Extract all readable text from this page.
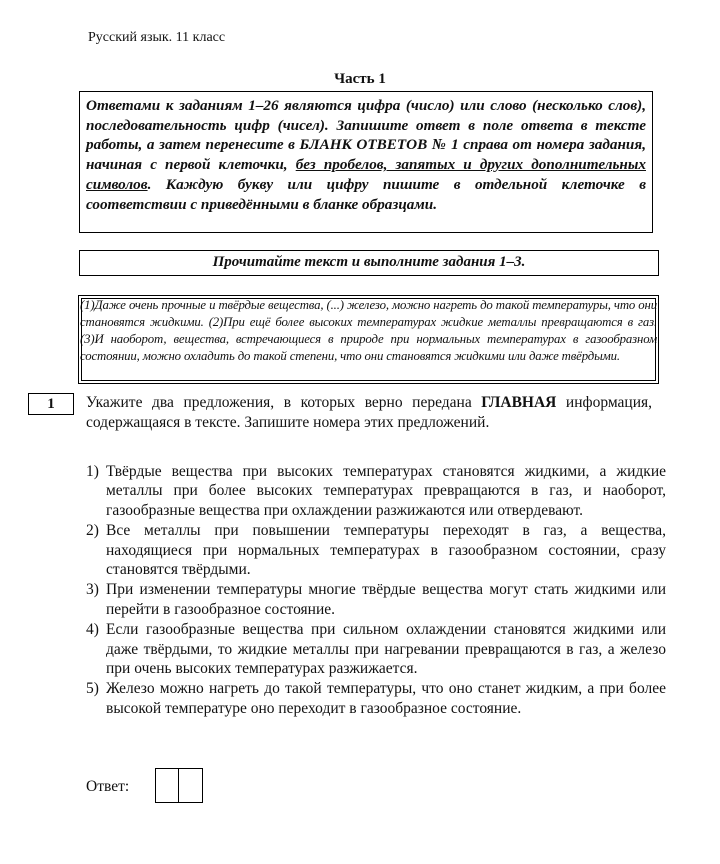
Русский язык. 11 класс
Часть 1
Ответами к заданиям 1–26 являются цифра (число) или слово (несколько слов), последовательность цифр (чисел). Запишите ответ в поле ответа в тексте работы, а затем перенесите в БЛАНК ОТВЕТОВ № 1 справа от номера задания, начиная с первой клеточки, без пробелов, запятых и других дополнительных символов. Каждую букву или цифру пишите в отдельной клеточке в соответствии с приведёнными в бланке образцами.
Прочитайте текст и выполните задания 1–3.
(1)Даже очень прочные и твёрдые вещества, (...) железо, можно нагреть до такой температуры, что они становятся жидкими. (2)При ещё более высоких температурах жидкие металлы превращаются в газ. (3)И наоборот, вещества, встречающиеся в природе при нормальных температурах в газообразном состоянии, можно охладить до такой степени, что они становятся жидкими или даже твёрдыми.
1	Укажите два предложения, в которых верно передана ГЛАВНАЯ информация, содержащаяся в тексте. Запишите номера этих предложений.
1) Твёрдые вещества при высоких температурах становятся жидкими, а жидкие металлы при более высоких температурах превращаются в газ, и наоборот, газообразные вещества при охлаждении разжижаются или отвердевают.
2) Все металлы при повышении температуры переходят в газ, а вещества, находящиеся при нормальных температурах в газообразном состоянии, сразу становятся твёрдыми.
3) При изменении температуры многие твёрдые вещества могут стать жидкими или перейти в газообразное состояние.
4) Если газообразные вещества при сильном охлаждении становятся жидкими или даже твёрдыми, то жидкие металлы при нагревании превращаются в газ, а железо при очень высоких температурах разжижается.
5) Железо можно нагреть до такой температуры, что оно станет жидким, а при более высокой температуре оно переходит в газообразное состояние.
Ответ:
